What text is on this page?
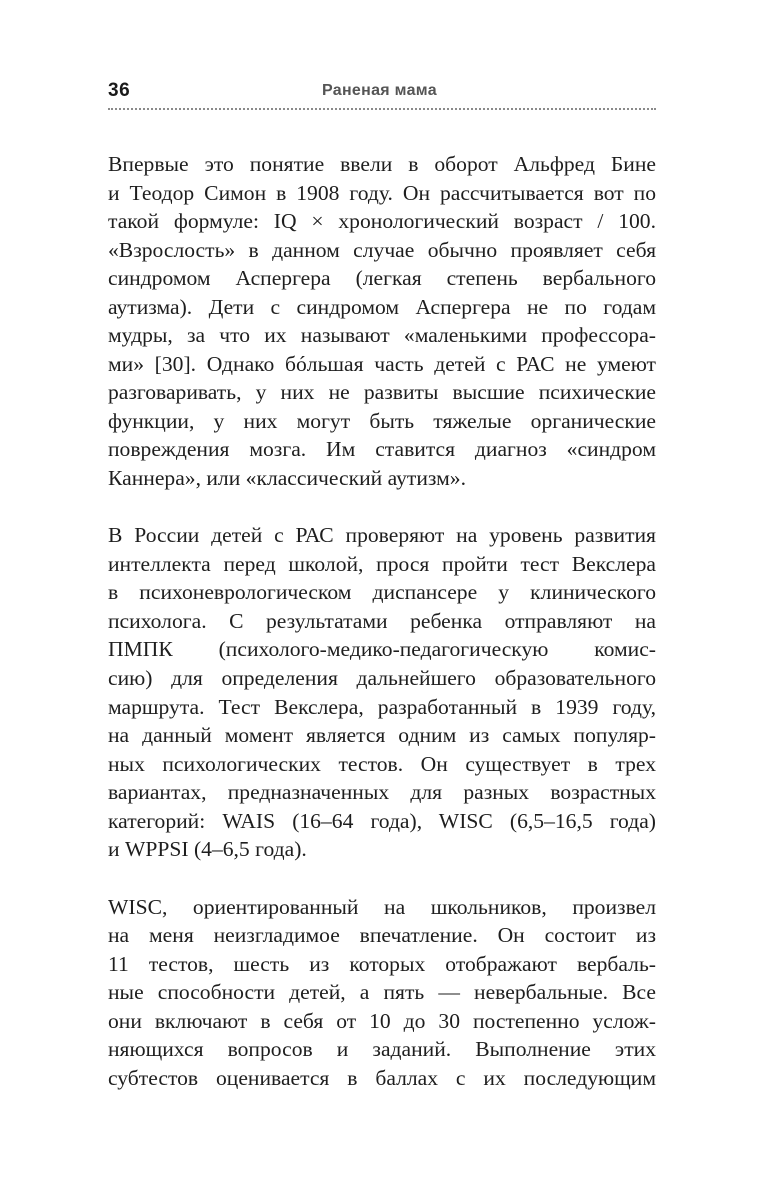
36	Раненая мама

Впервые это понятие ввели в оборот Альфред Бине
и Теодор Симон в 1908 году. Он рассчитывается вот по
такой формуле: IQ × хронологический возраст / 100.
«Взрослость» в данном случае обычно проявляет себя
синдромом Аспергера (легкая степень вербального
аутизма). Дети с синдромом Аспергера не по годам
мудры, за что их называют «маленькими профессора-
ми» [30]. Однако бóльшая часть детей с РАС не умеют
разговаривать, у них не развиты высшие психические
функции, у них могут быть тяжелые органические
повреждения мозга. Им ставится диагноз «синдром
Каннера», или «классический аутизм».

В России детей с РАС проверяют на уровень развития
интеллекта перед школой, прося пройти тест Векслера
в психоневрологическом диспансере у клинического
психолога. С результатами ребенка отправляют на
ПМПК (психолого-медико-педагогическую комис-
сию) для определения дальнейшего образовательного
маршрута. Тест Векслера, разработанный в 1939 году,
на данный момент является одним из самых популяр-
ных психологических тестов. Он существует в трех
вариантах, предназначенных для разных возрастных
категорий: WAIS (16–64 года), WISC (6,5–16,5 года)
и WPPSI (4–6,5 года).

WISC, ориентированный на школьников, произвел
на меня неизгладимое впечатление. Он состоит из
11 тестов, шесть из которых отображают вербаль-
ные способности детей, а пять — невербальные. Все
они включают в себя от 10 до 30 постепенно услож-
няющихся вопросов и заданий. Выполнение этих
субтестов оценивается в баллах с их последующим
